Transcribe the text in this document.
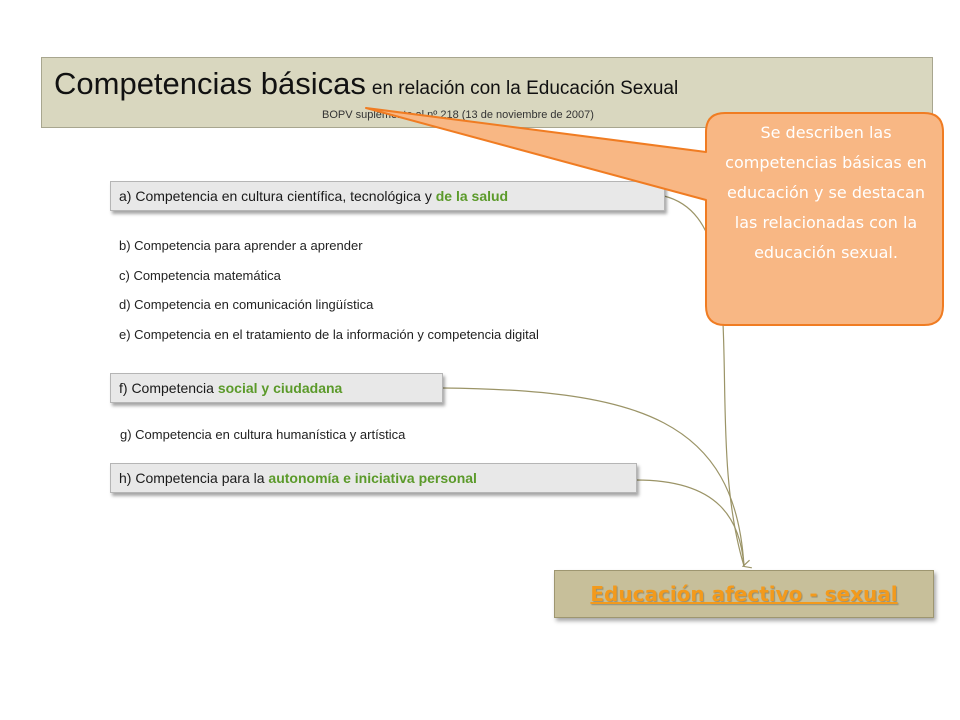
Competencias básicas en relación con la Educación Sexual
BOPV suplemento al nº 218 (13 de noviembre de 2007)
a) Competencia en cultura científica, tecnológica y de la salud
b) Competencia para aprender a aprender
c) Competencia matemática
d) Competencia en comunicación lingüística
e) Competencia en el tratamiento de la información y competencia digital
f) Competencia social y ciudadana
g) Competencia en cultura humanística y artística
h) Competencia para la autonomía e iniciativa personal
Educación afectivo - sexual
Se describen las competencias básicas en educación y se destacan las relacionadas con la educación sexual.
